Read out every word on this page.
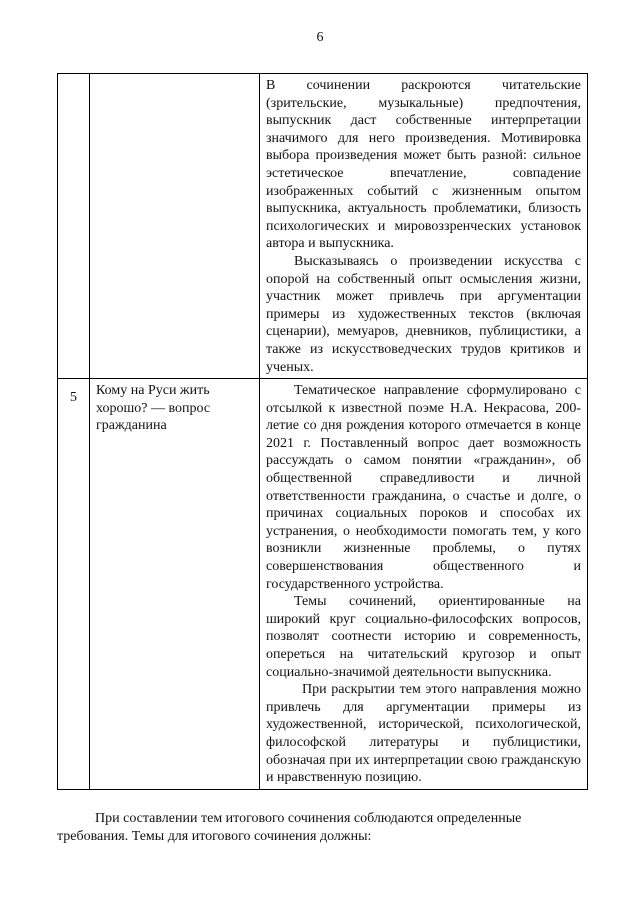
6

		В сочинении раскроются читательские (зрительские, музыкальные) предпочтения, выпускник даст собственные интерпретации значимого для него произведения. Мотивировка выбора произведения может быть разной: сильное эстетическое впечатление, совпадение изображенных событий с жизненным опытом выпускника, актуальность проблематики, близость психологических и мировоззренческих установок автора и выпускника.

Высказываясь о произведении искусства с опорой на собственный опыт осмысления жизни, участник может привлечь при аргументации примеры из художественных текстов (включая сценарии), мемуаров, дневников, публицистики, а также из искусствоведческих трудов критиков и ученых.

5	Кому на Руси жить хорошо? — вопрос гражданина	Тематическое направление сформулировано с отсылкой к известной поэме Н.А. Некрасова, 200-летие со дня рождения которого отмечается в конце 2021 г. Поставленный вопрос дает возможность рассуждать о самом понятии «гражданин», об общественной справедливости и личной ответственности гражданина, о счастье и долге, о причинах социальных пороков и способах их устранения, о необходимости помогать тем, у кого возникли жизненные проблемы, о путях совершенствования общественного и государственного устройства.

Темы сочинений, ориентированные на широкий круг социально-философских вопросов, позволят соотнести историю и современность, опереться на читательский кругозор и опыт социально-значимой деятельности выпускника.

При раскрытии тем этого направления можно привлечь для аргументации примеры из художественной, исторической, психологической, философской литературы и публицистики, обозначая при их интерпретации свою гражданскую и нравственную позицию.

При составлении тем итогового сочинения соблюдаются определенные

требования. Темы для итогового сочинения должны:
